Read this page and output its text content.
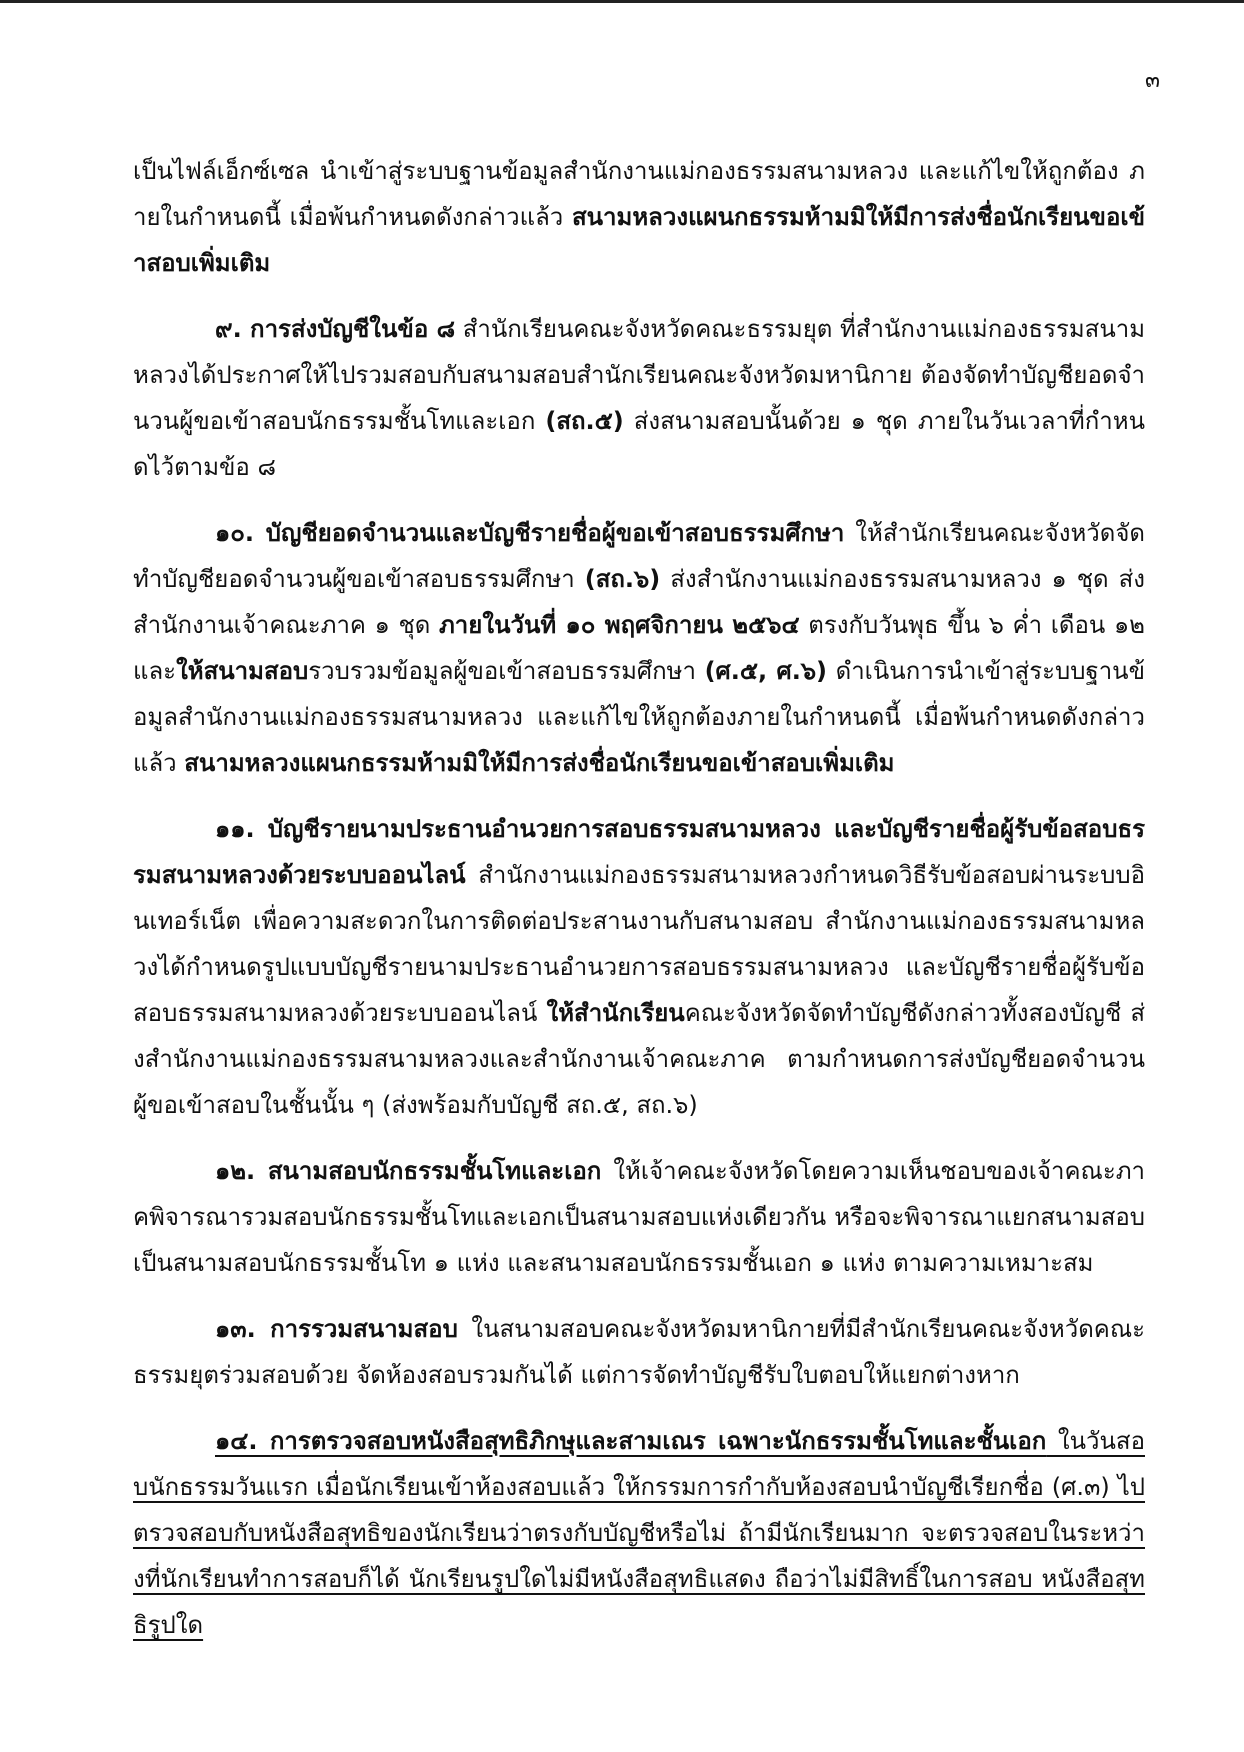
๓

เป็นไฟล์เอ็กซ์เซล นำเข้าสู่ระบบฐานข้อมูลสำนักงานแม่กองธรรมสนามหลวง และแก้ไขให้ถูกต้อง ภายในกำหนดนี้ เมื่อพ้นกำหนดดังกล่าวแล้ว สนามหลวงแผนกธรรมห้ามมิให้มีการส่งชื่อนักเรียนขอเข้าสอบเพิ่มเติม

๙. การส่งบัญชีในข้อ ๘ สำนักเรียนคณะจังหวัดคณะธรรมยุต ที่สำนักงานแม่กองธรรมสนามหลวงได้ประกาศให้ไปรวมสอบกับสนามสอบสำนักเรียนคณะจังหวัดมหานิกาย ต้องจัดทำบัญชียอดจำนวนผู้ขอเข้าสอบนักธรรมชั้นโทและเอก (สถ.๕) ส่งสนามสอบนั้นด้วย ๑ ชุด ภายในวันเวลาที่กำหนดไว้ตามข้อ ๘

๑๐. บัญชียอดจำนวนและบัญชีรายชื่อผู้ขอเข้าสอบธรรมศึกษา ให้สำนักเรียนคณะจังหวัดจัดทำบัญชียอดจำนวนผู้ขอเข้าสอบธรรมศึกษา (สถ.๖) ส่งสำนักงานแม่กองธรรมสนามหลวง ๑ ชุด ส่งสำนักงานเจ้าคณะภาค ๑ ชุด ภายในวันที่ ๑๐ พฤศจิกายน ๒๕๖๔ ตรงกับวันพุธ ขึ้น ๖ ค่ำ เดือน ๑๒ และให้สนามสอบรวบรวมข้อมูลผู้ขอเข้าสอบธรรมศึกษา (ศ.๕, ศ.๖) ดำเนินการนำเข้าสู่ระบบฐานข้อมูลสำนักงานแม่กองธรรมสนามหลวง และแก้ไขให้ถูกต้องภายในกำหนดนี้ เมื่อพ้นกำหนดดังกล่าวแล้ว สนามหลวงแผนกธรรมห้ามมิให้มีการส่งชื่อนักเรียนขอเข้าสอบเพิ่มเติม

๑๑. บัญชีรายนามประธานอำนวยการสอบธรรมสนามหลวง และบัญชีรายชื่อผู้รับข้อสอบธรรมสนามหลวงด้วยระบบออนไลน์ สำนักงานแม่กองธรรมสนามหลวงกำหนดวิธีรับข้อสอบผ่านระบบอินเทอร์เน็ต เพื่อความสะดวกในการติดต่อประสานงานกับสนามสอบ สำนักงานแม่กองธรรมสนามหลวงได้กำหนดรูปแบบบัญชีรายนามประธานอำนวยการสอบธรรมสนามหลวง และบัญชีรายชื่อผู้รับข้อสอบธรรมสนามหลวงด้วยระบบออนไลน์ ให้สำนักเรียนคณะจังหวัดจัดทำบัญชีดังกล่าวทั้งสองบัญชี ส่งสำนักงานแม่กองธรรมสนามหลวงและสำนักงานเจ้าคณะภาค ตามกำหนดการส่งบัญชียอดจำนวนผู้ขอเข้าสอบในชั้นนั้น ๆ (ส่งพร้อมกับบัญชี สถ.๕, สถ.๖)

๑๒. สนามสอบนักธรรมชั้นโทและเอก ให้เจ้าคณะจังหวัดโดยความเห็นชอบของเจ้าคณะภาคพิจารณารวมสอบนักธรรมชั้นโทและเอกเป็นสนามสอบแห่งเดียวกัน หรือจะพิจารณาแยกสนามสอบเป็นสนามสอบนักธรรมชั้นโท ๑ แห่ง และสนามสอบนักธรรมชั้นเอก ๑ แห่ง ตามความเหมาะสม

๑๓. การรวมสนามสอบ ในสนามสอบคณะจังหวัดมหานิกายที่มีสำนักเรียนคณะจังหวัดคณะธรรมยุตร่วมสอบด้วย จัดห้องสอบรวมกันได้ แต่การจัดทำบัญชีรับใบตอบให้แยกต่างหาก

๑๔. การตรวจสอบหนังสือสุทธิภิกษุและสามเณร เฉพาะนักธรรมชั้นโทและชั้นเอก ในวันสอบนักธรรมวันแรก เมื่อนักเรียนเข้าห้องสอบแล้ว ให้กรรมการกำกับห้องสอบนำบัญชีเรียกชื่อ (ศ.๓) ไปตรวจสอบกับหนังสือสุทธิของนักเรียนว่าตรงกับบัญชีหรือไม่ ถ้ามีนักเรียนมาก จะตรวจสอบในระหว่างที่นักเรียนทำการสอบก็ได้ นักเรียนรูปใดไม่มีหนังสือสุทธิแสดง ถือว่าไม่มีสิทธิ์ในการสอบ หนังสือสุทธิรูปใด
